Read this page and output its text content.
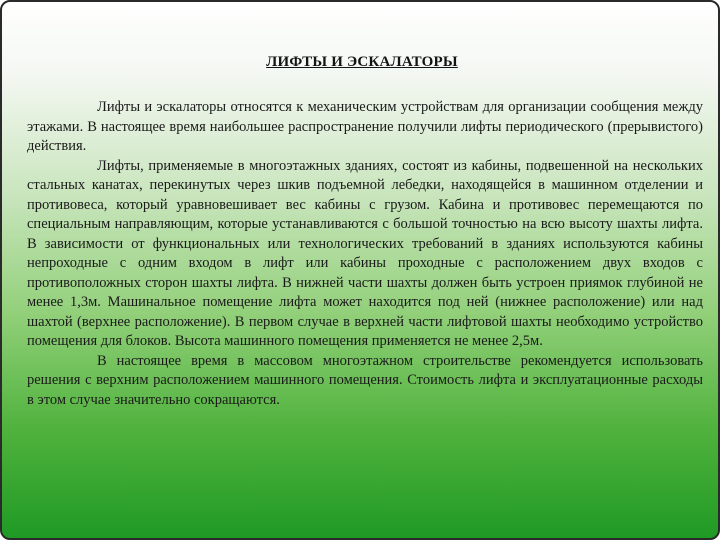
ЛИФТЫ И ЭСКАЛАТОРЫ

Лифты и эскалаторы относятся к механическим устройствам для организации сообщения между этажами. В настоящее время наибольшее распространение получили лифты периодического (прерывистого) действия.

Лифты, применяемые в многоэтажных зданиях, состоят из кабины, подвешенной на нескольких стальных канатах, перекинутых через шкив подъемной лебедки, находящейся в машинном отделении и противовеса, который уравновешивает вес кабины с грузом. Кабина и противовес перемещаются по специальным направляющим, которые устанавливаются с большой точностью на всю высоту шахты лифта. В зависимости от функциональных или технологических требований в зданиях используются кабины непроходные с одним входом в лифт или кабины проходные с расположением двух входов с противоположных сторон шахты лифта. В нижней части шахты должен быть устроен приямок глубиной не менее 1,3м. Машинальное помещение лифта может находится под ней (нижнее расположение) или над шахтой (верхнее расположение). В первом случае в верхней части лифтовой шахты необходимо устройство помещения для блоков. Высота машинного помещения применяется не менее 2,5м.

В настоящее время в массовом многоэтажном строительстве рекомендуется использовать решения с верхним расположением машинного помещения. Стоимость лифта и эксплуатационные расходы в этом случае значительно сокращаются.
